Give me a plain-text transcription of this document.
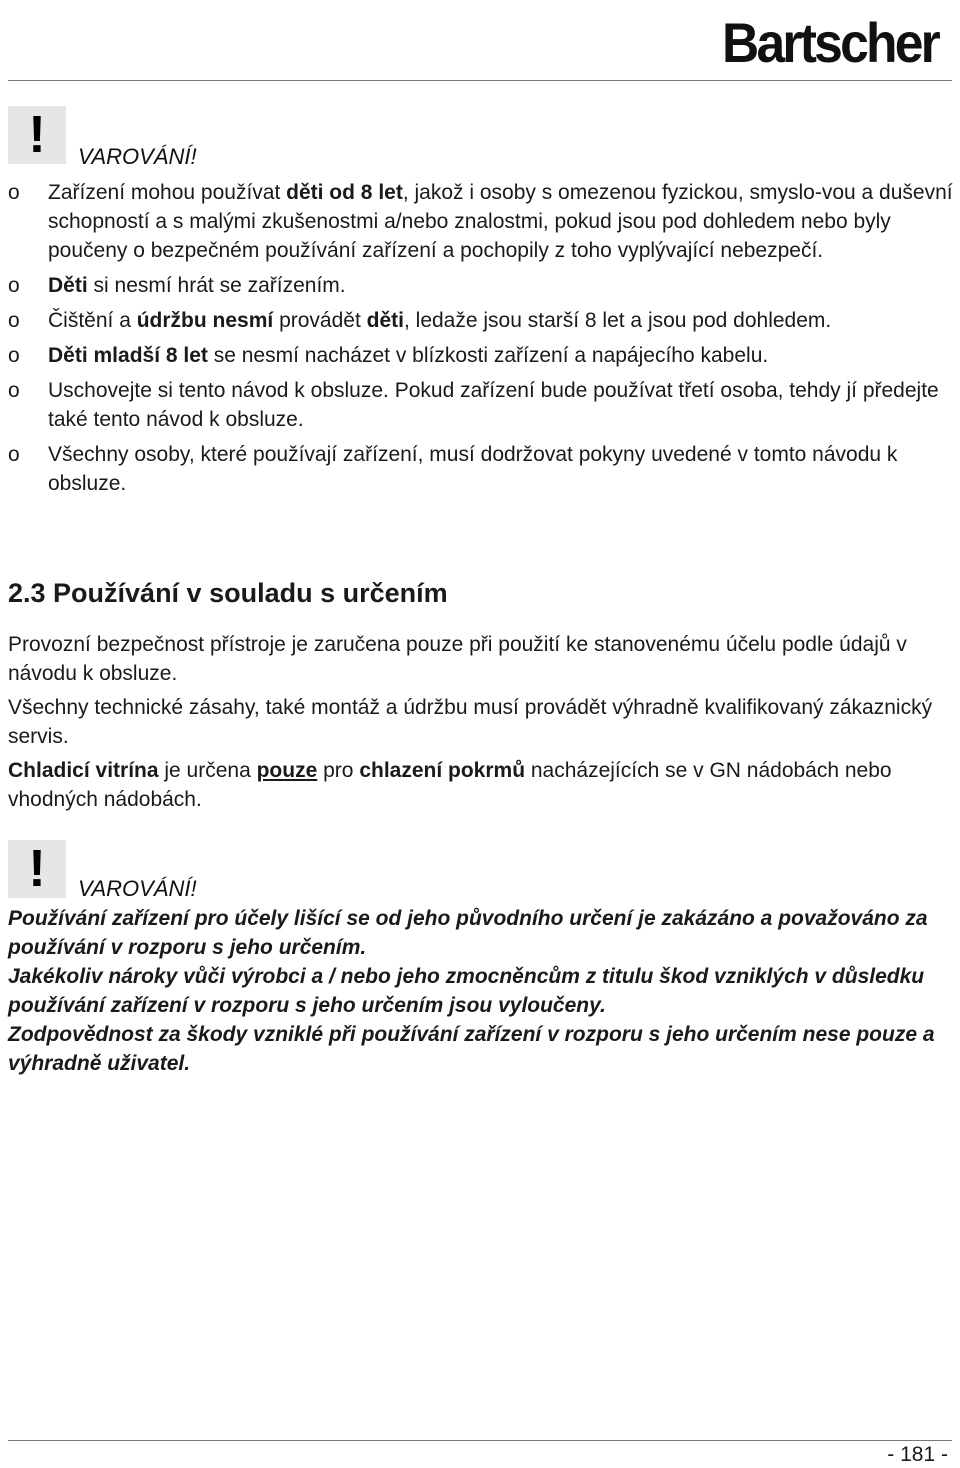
Bartscher
!	VAROVÁNÍ!
o Zařízení mohou používat děti od 8 let, jakož i osoby s omezenou fyzickou, smyslo-vou a duševní schopností a s malými zkušenostmi a/nebo znalostmi, pokud jsou pod dohledem nebo byly poučeny o bezpečném používání zařízení a pochopily z toho vyplývající nebezpečí.
o Děti si nesmí hrát se zařízením.
o Čištění a údržbu nesmí provádět děti, ledaže jsou starší 8 let a jsou pod dohledem.
o Děti mladší 8 let se nesmí nacházet v blízkosti zařízení a napájecího kabelu.
o Uschovejte si tento návod k obsluze. Pokud zařízení bude používat třetí osoba, tehdy jí předejte také tento návod k obsluze.
o Všechny osoby, které používají zařízení, musí dodržovat pokyny uvedené v tomto návodu k obsluze.
2.3 Používání v souladu s určením

Provozní bezpečnost přístroje je zaručena pouze při použití ke stanovenému účelu podle údajů v návodu k obsluze.

Všechny technické zásahy, také montáž a údržbu musí provádět výhradně kvalifikovaný zákaznický servis.

Chladicí vitrína je určena pouze pro chlazení pokrmů nacházejících se v GN nádobách nebo vhodných nádobách.

!	VAROVÁNÍ!

Používání zařízení pro účely lišící se od jeho původního určení je zakázáno a považováno za používání v rozporu s jeho určením.

Jakékoliv nároky vůči výrobci a / nebo jeho zmocněncům z titulu škod vzniklých v důsledku používání zařízení v rozporu s jeho určením jsou vyloučeny.

Zodpovědnost za škody vzniklé při používání zařízení v rozporu s jeho určením nese pouze a výhradně uživatel.

- 181 -
